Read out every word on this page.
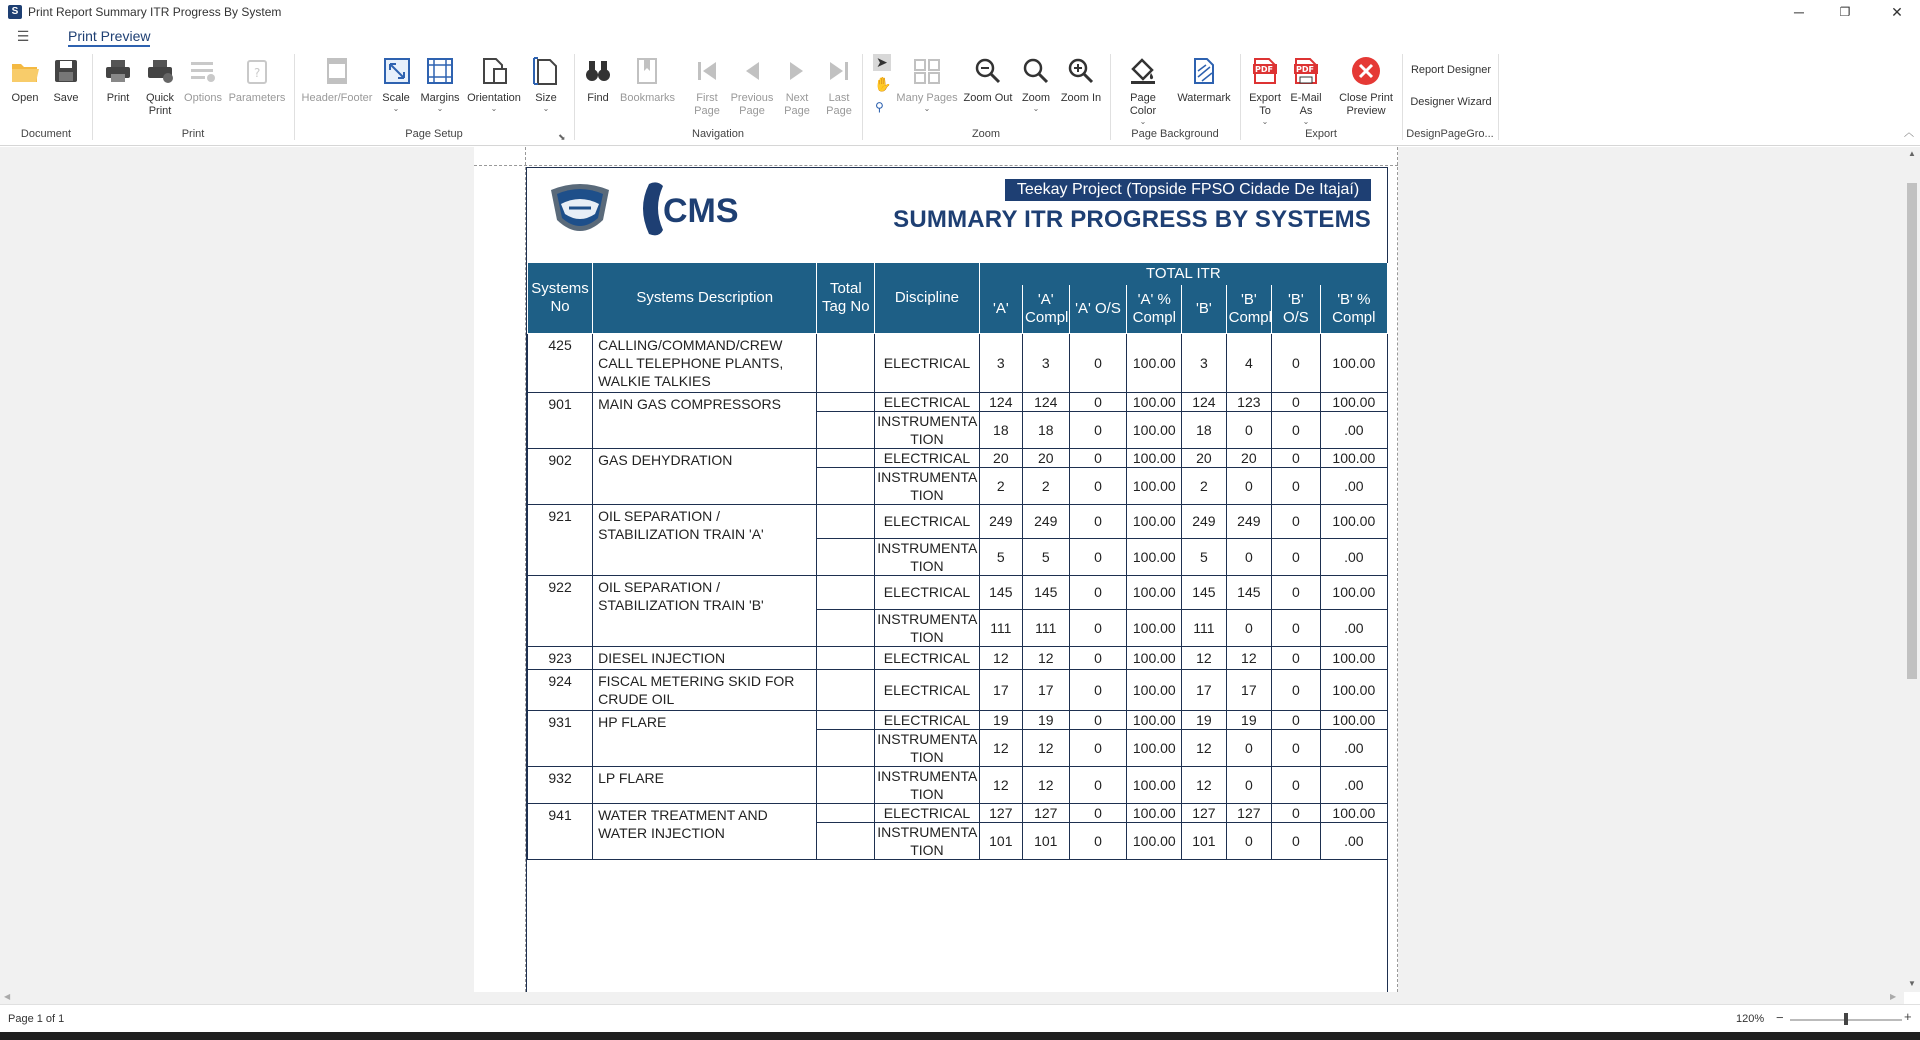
S Print Report Summary ITR Progress By System	─	❐	✕
☰	Print Preview
Open	Save	Print	Quick
Print
Options
?
Parameters Header/Footer Scale
⌄
Margins
⌄
Orientation
⌄
Size
⌄
⬊
Find	Bookmarks	First
Page
Previous
Page
Next
Page
Last
Page
➤
✋
⚲
Many Pages
⌄
Zoom Out Zoom
⌄
Zoom In	Page Color
⌄
Watermark
PDF
Export
To
⌄
PDF
E-Mail
As
⌄
Close Print
Preview
Report Designer
Designer Wizard
Document	Print	Page Setup	Navigation	Zoom	Page Background	Export	DesignPageGro...	︿
CMS
Teekay Project (Topside FPSO Cidade De Itajaí)
SUMMARY ITR PROGRESS BY SYSTEMS
Systems No	Systems Description	Total Tag No	Discipline	TOTAL ITR							
				'A'	'A' Compl	'A' O/S	'A' % Compl	'B'	'B' Compl	'B' O/S	'B' % Compl
425	CALLING/COMMAND/CREW CALL TELEPHONE PLANTS, WALKIE TALKIES		ELECTRICAL	3	3	0	100.00	3	4	0	100.00
901	MAIN GAS COMPRESSORS		ELECTRICAL	124	124	0	100.00	124	123	0	100.00
			INSTRUMENTA TION	18	18	0	100.00	18	0	0	.00
902	GAS DEHYDRATION		ELECTRICAL	20	20	0	100.00	20	20	0	100.00
			INSTRUMENTA TION	2	2	0	100.00	2	0	0	.00
921	OIL SEPARATION / STABILIZATION TRAIN 'A'		ELECTRICAL	249	249	0	100.00	249	249	0	100.00
			INSTRUMENTA TION	5	5	0	100.00	5	0	0	.00
922	OIL SEPARATION / STABILIZATION TRAIN 'B'		ELECTRICAL	145	145	0	100.00	145	145	0	100.00
			INSTRUMENTA TION	111	111	0	100.00	111	0	0	.00
923	DIESEL INJECTION		ELECTRICAL	12	12	0	100.00	12	12	0	100.00
924	FISCAL METERING SKID FOR CRUDE OIL		ELECTRICAL	17	17	0	100.00	17	17	0	100.00
931	HP FLARE		ELECTRICAL	19	19	0	100.00	19	19	0	100.00
			INSTRUMENTA TION	12	12	0	100.00	12	0	0	.00
932	LP FLARE		INSTRUMENTA TION	12	12	0	100.00	12	0	0	.00
941	WATER TREATMENT AND WATER INJECTION		ELECTRICAL	127	127	0	100.00	127	127	0	100.00
			INSTRUMENTA TION	101	101	0	100.00	101	0	0	.00
▲
▼
◀	▶
Page 1 of 1	120% −	+
